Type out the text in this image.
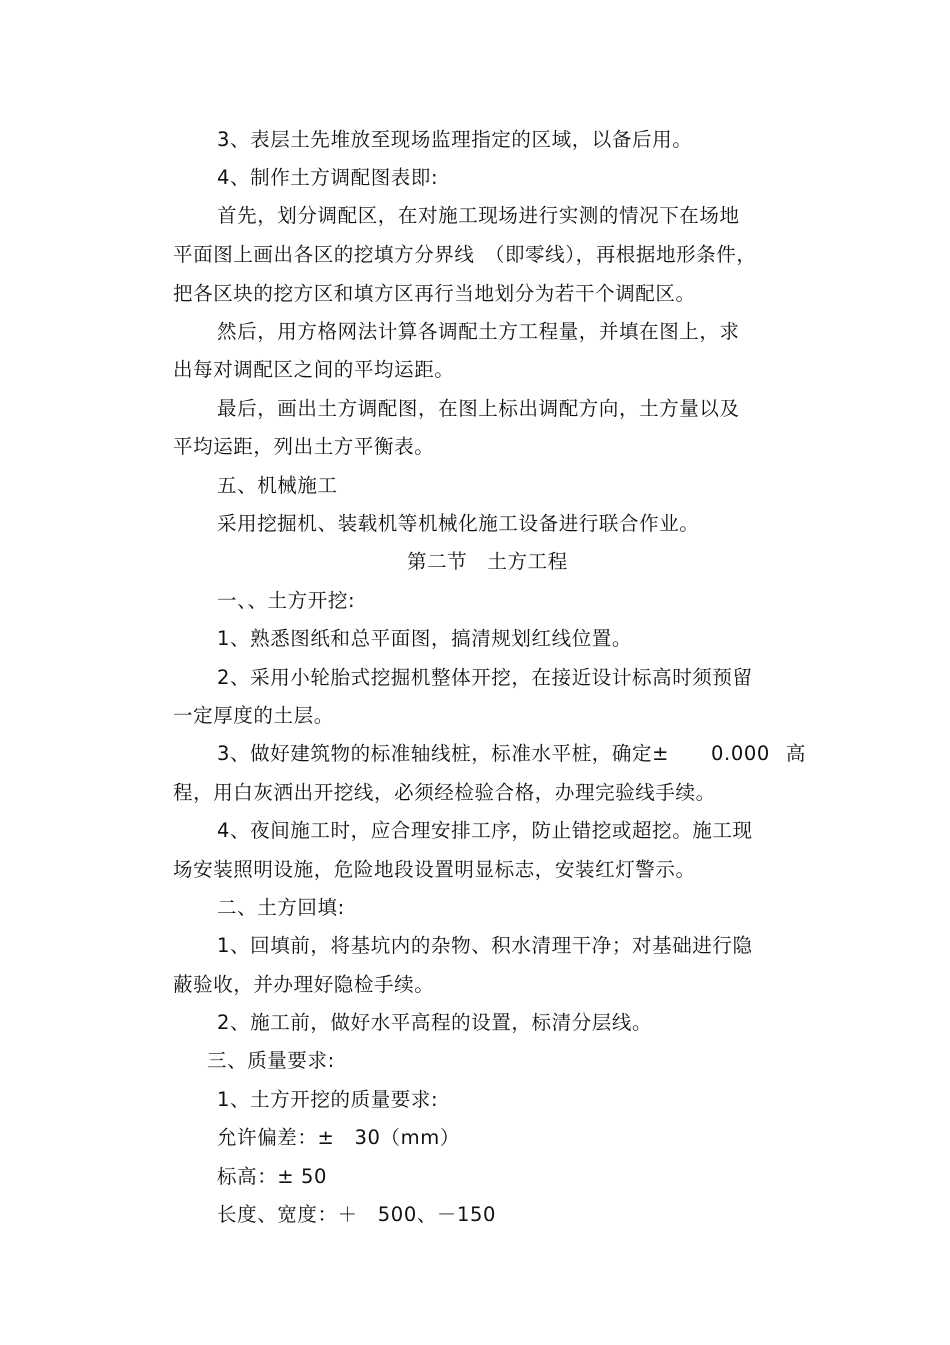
3、表层土先堆放至现场监理指定的区域，以备后用。
4、制作土方调配图表即:
首先，划分调配区，在对施工现场进行实测的情况下在场地
平面图上画出各区的挖填方分界线　（即零线），再根据地形条件，
把各区块的挖方区和填方区再行当地划分为若干个调配区。
然后，用方格网法计算各调配土方工程量，并填在图上，求
出每对调配区之间的平均运距。
最后，画出土方调配图，在图上标出调配方向，土方量以及
平均运距，列出土方平衡表。
五、机械施工
采用挖掘机、装载机等机械化施工设备进行联合作业。
第二节　土方工程
一、、土方开挖:
1、熟悉图纸和总平面图，搞清规划红线位置。
2、采用小轮胎式挖掘机整体开挖，在接近设计标高时须预留
一定厚度的土层。
3、做好建筑物的标准轴线桩，标准水平桩，确定± 0.000 高
程，用白灰洒出开挖线，必须经检验合格，办理完验线手续。
4、夜间施工时，应合理安排工序，防止错挖或超挖。施工现
场安装照明设施，危险地段设置明显标志，安装红灯警示。
二、土方回填:
1、回填前，将基坑内的杂物、积水清理干净；对基础进行隐
蔽验收，并办理好隐检手续。
2、施工前，做好水平高程的设置，标清分层线。
三、质量要求:
1、土方开挖的质量要求:
允许偏差：±　30（mm）
标高：± 50
长度、宽度：＋　500、－150
